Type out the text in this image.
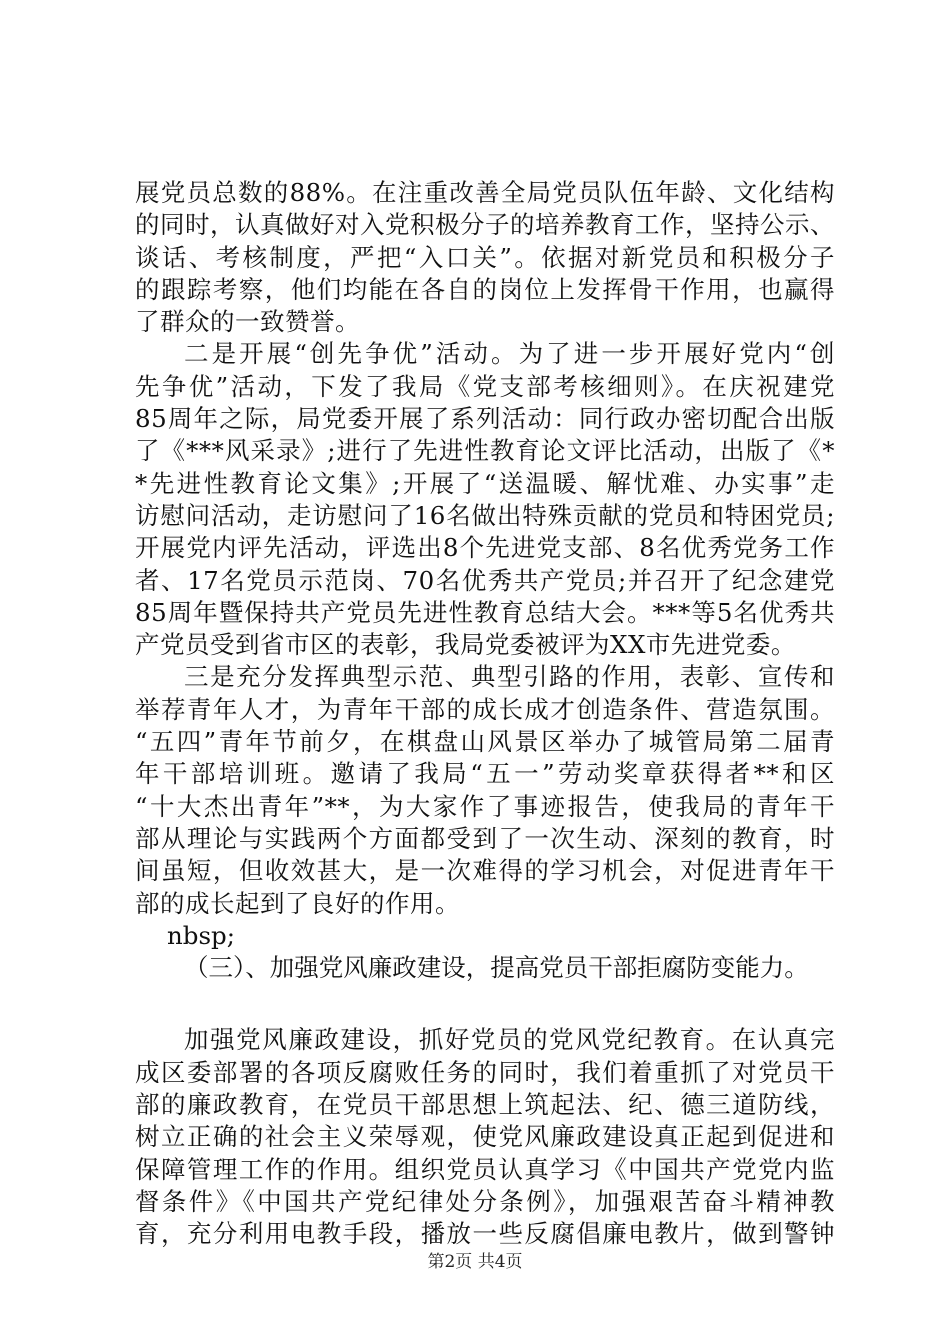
展党员总数的88%。在注重改善全局党员队伍年龄、文化结构
的同时，认真做好对入党积极分子的培养教育工作，坚持公示、
谈话、考核制度，严把“入口关”。依据对新党员和积极分子
的跟踪考察，他们均能在各自的岗位上发挥骨干作用，也赢得
了群众的一致赞誉。
二是开展“创先争优”活动。为了进一步开展好党内“创
先争优”活动，下发了我局《党支部考核细则》。在庆祝建党
85周年之际，局党委开展了系列活动：同行政办密切配合出版
了《***风采录》;进行了先进性教育论文评比活动，出版了《*
*先进性教育论文集》;开展了“送温暖、解忧难、办实事”走
访慰问活动，走访慰问了16名做出特殊贡献的党员和特困党员;
开展党内评先活动，评选出8个先进党支部、8名优秀党务工作
者、17名党员示范岗、70名优秀共产党员;并召开了纪念建党
85周年暨保持共产党员先进性教育总结大会。***等5名优秀共
产党员受到省市区的表彰，我局党委被评为XX市先进党委。
三是充分发挥典型示范、典型引路的作用，表彰、宣传和
举荐青年人才，为青年干部的成长成才创造条件、营造氛围。
“五四”青年节前夕，在棋盘山风景区举办了城管局第二届青
年干部培训班。邀请了我局“五一”劳动奖章获得者**和区
“十大杰出青年”**，为大家作了事迹报告，使我局的青年干
部从理论与实践两个方面都受到了一次生动、深刻的教育，时
间虽短，但收效甚大，是一次难得的学习机会，对促进青年干
部的成长起到了良好的作用。
nbsp;
（三）、加强党风廉政建设，提高党员干部拒腐防变能力。
加强党风廉政建设，抓好党员的党风党纪教育。在认真完
成区委部署的各项反腐败任务的同时，我们着重抓了对党员干
部的廉政教育，在党员干部思想上筑起法、纪、德三道防线，
树立正确的社会主义荣辱观，使党风廉政建设真正起到促进和
保障管理工作的作用。组织党员认真学习《中国共产党党内监
督条件》《中国共产党纪律处分条例》，加强艰苦奋斗精神教
育，充分利用电教手段，播放一些反腐倡廉电教片，做到警钟
第2页 共4页
